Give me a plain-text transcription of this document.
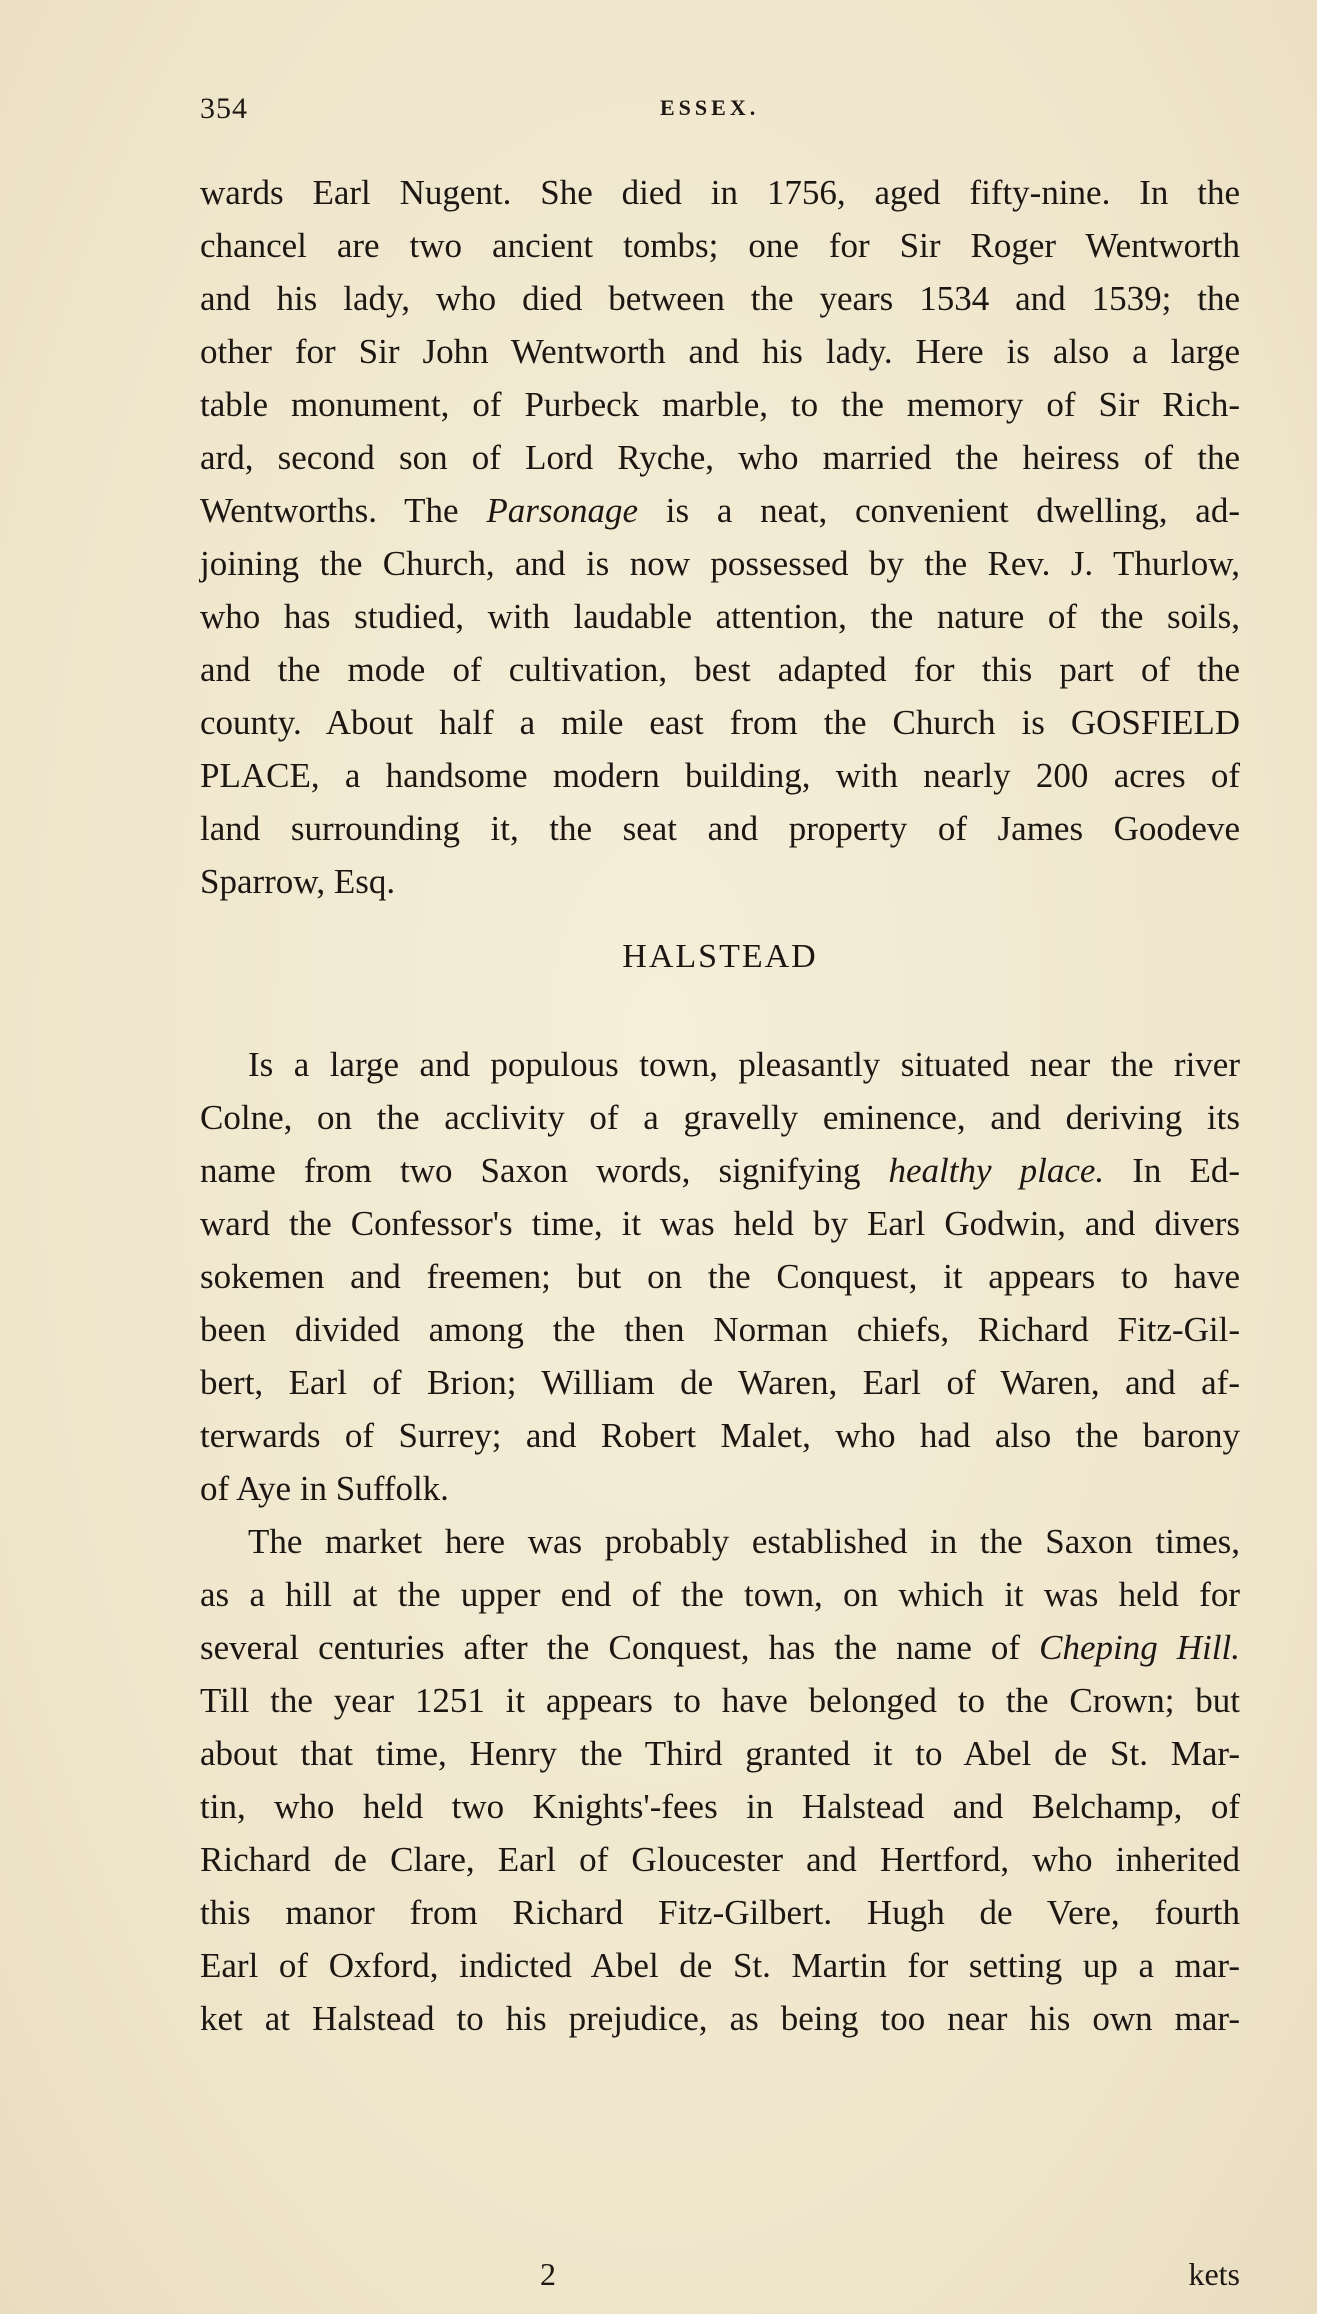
354	ESSEX.
wards Earl Nugent. She died in 1756, aged fifty-nine. In the
chancel are two ancient tombs; one for Sir Roger Wentworth
and his lady, who died between the years 1534 and 1539; the
other for Sir John Wentworth and his lady. Here is also a large
table monument, of Purbeck marble, to the memory of Sir Rich-
ard, second son of Lord Ryche, who married the heiress of the
Wentworths. The Parsonage is a neat, convenient dwelling, ad-
joining the Church, and is now possessed by the Rev. J. Thurlow,
who has studied, with laudable attention, the nature of the soils,
and the mode of cultivation, best adapted for this part of the
county. About half a mile east from the Church is GOSFIELD
PLACE, a handsome modern building, with nearly 200 acres of
land surrounding it, the seat and property of James Goodeve
Sparrow, Esq.
HALSTEAD
Is a large and populous town, pleasantly situated near the river
Colne, on the acclivity of a gravelly eminence, and deriving its
name from two Saxon words, signifying healthy place. In Ed-
ward the Confessor's time, it was held by Earl Godwin, and divers
sokemen and freemen; but on the Conquest, it appears to have
been divided among the then Norman chiefs, Richard Fitz-Gil-
bert, Earl of Brion; William de Waren, Earl of Waren, and af-
terwards of Surrey; and Robert Malet, who had also the barony
of Aye in Suffolk.
The market here was probably established in the Saxon times,
as a hill at the upper end of the town, on which it was held for
several centuries after the Conquest, has the name of Cheping Hill.
Till the year 1251 it appears to have belonged to the Crown; but
about that time, Henry the Third granted it to Abel de St. Mar-
tin, who held two Knights'-fees in Halstead and Belchamp, of
Richard de Clare, Earl of Gloucester and Hertford, who inherited
this manor from Richard Fitz-Gilbert. Hugh de Vere, fourth
Earl of Oxford, indicted Abel de St. Martin for setting up a mar-
ket at Halstead to his prejudice, as being too near his own mar-
2	kets
